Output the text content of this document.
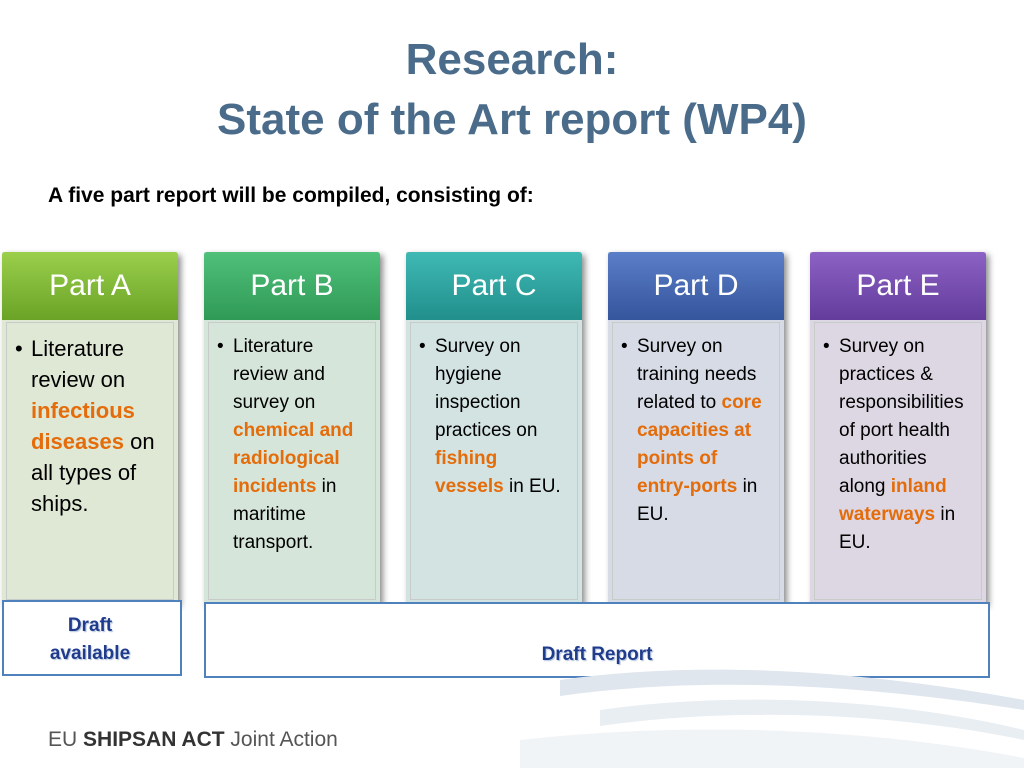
Research:
State of the Art report (WP4)
A five part report will be compiled, consisting of:
Part A
• Literature review on infectious diseases on all types of ships.
Part B
• Literature review and survey on chemical and radiological incidents in maritime transport.
Part C
• Survey on hygiene inspection practices on fishing vessels in EU.
Part D
• Survey on training needs related to core capacities at points of entry-ports in EU.
Part E
• Survey on practices & responsibilities of port health authorities along inland waterways in EU.
Draft available	Draft Report
EU SHIPSAN ACT Joint Action
